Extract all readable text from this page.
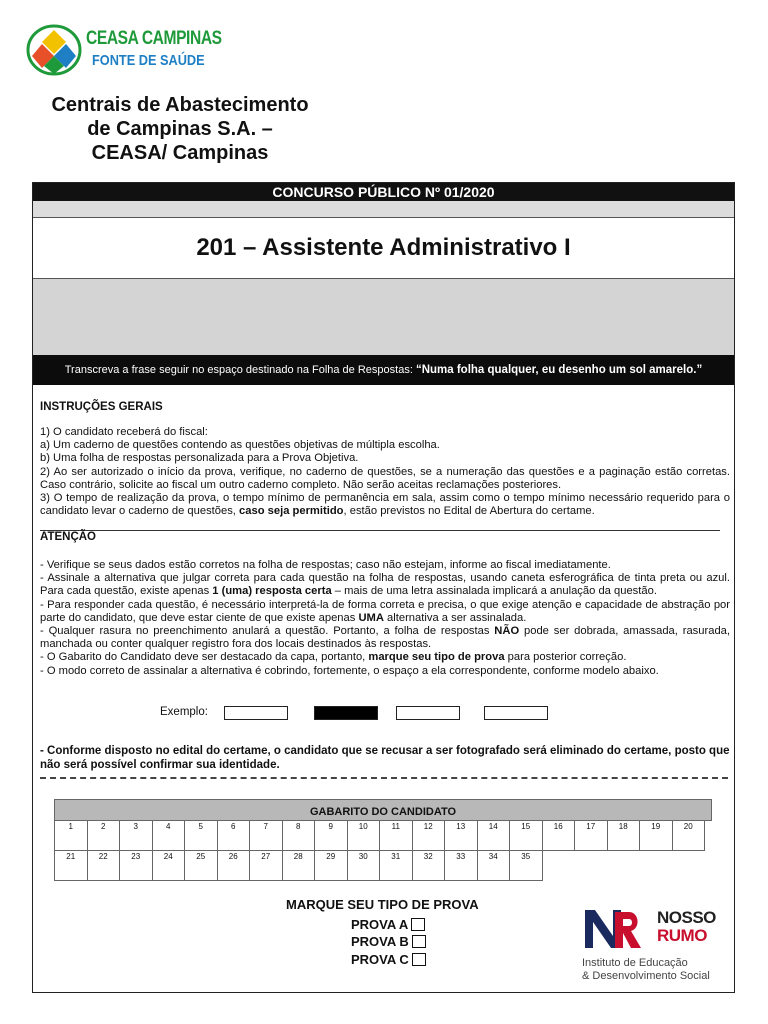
CEASA CAMPINAS
FONTE DE SAÚDE
Centrais de Abastecimento
de Campinas S.A. –
CEASA/ Campinas
CONCURSO PÚBLICO Nº 01/2020
201 – Assistente Administrativo I
Transcreva a frase seguir no espaço destinado na Folha de Respostas: “Numa folha qualquer, eu desenho um sol amarelo.”
INSTRUÇÕES GERAIS
1) O candidato receberá do fiscal:
a) Um caderno de questões contendo as questões objetivas de múltipla escolha.
b) Uma folha de respostas personalizada para a Prova Objetiva.
2) Ao ser autorizado o início da prova, verifique, no caderno de questões, se a numeração das questões e a paginação estão corretas. Caso contrário, solicite ao fiscal um outro caderno completo. Não serão aceitas reclamações posteriores.
3) O tempo de realização da prova, o tempo mínimo de permanência em sala, assim como o tempo mínimo necessário requerido para o candidato levar o caderno de questões, caso seja permitido, estão previstos no Edital de Abertura do certame.
ATENÇÃO
- Verifique se seus dados estão corretos na folha de respostas; caso não estejam, informe ao fiscal imediatamente.
- Assinale a alternativa que julgar correta para cada questão na folha de respostas, usando caneta esferográfica de tinta preta ou azul. Para cada questão, existe apenas 1 (uma) resposta certa – mais de uma letra assinalada implicará a anulação da questão.
- Para responder cada questão, é necessário interpretá-la de forma correta e precisa, o que exige atenção e capacidade de abstração por parte do candidato, que deve estar ciente de que existe apenas UMA alternativa a ser assinalada.
- Qualquer rasura no preenchimento anulará a questão. Portanto, a folha de respostas NÃO pode ser dobrada, amassada, rasurada, manchada ou conter qualquer registro fora dos locais destinados às respostas.
- O Gabarito do Candidato deve ser destacado da capa, portanto, marque seu tipo de prova para posterior correção.
- O modo correto de assinalar a alternativa é cobrindo, fortemente, o espaço a ela correspondente, conforme modelo abaixo.
Exemplo:
- Conforme disposto no edital do certame, o candidato que se recusar a ser fotografado será eliminado do certame, posto que não será possível confirmar sua identidade.
GABARITO DO CANDIDATO
1	2	3	4	5	6	7	8	9	10	11	12	13	14	15	16	17	18	19	20
21	22	23	24	25	26	27	28	29	30	31	32	33	34	35
MARQUE SEU TIPO DE PROVA
PROVA A
PROVA B
PROVA C
NOSSO
RUMO
Instituto de Educação
& Desenvolvimento Social
